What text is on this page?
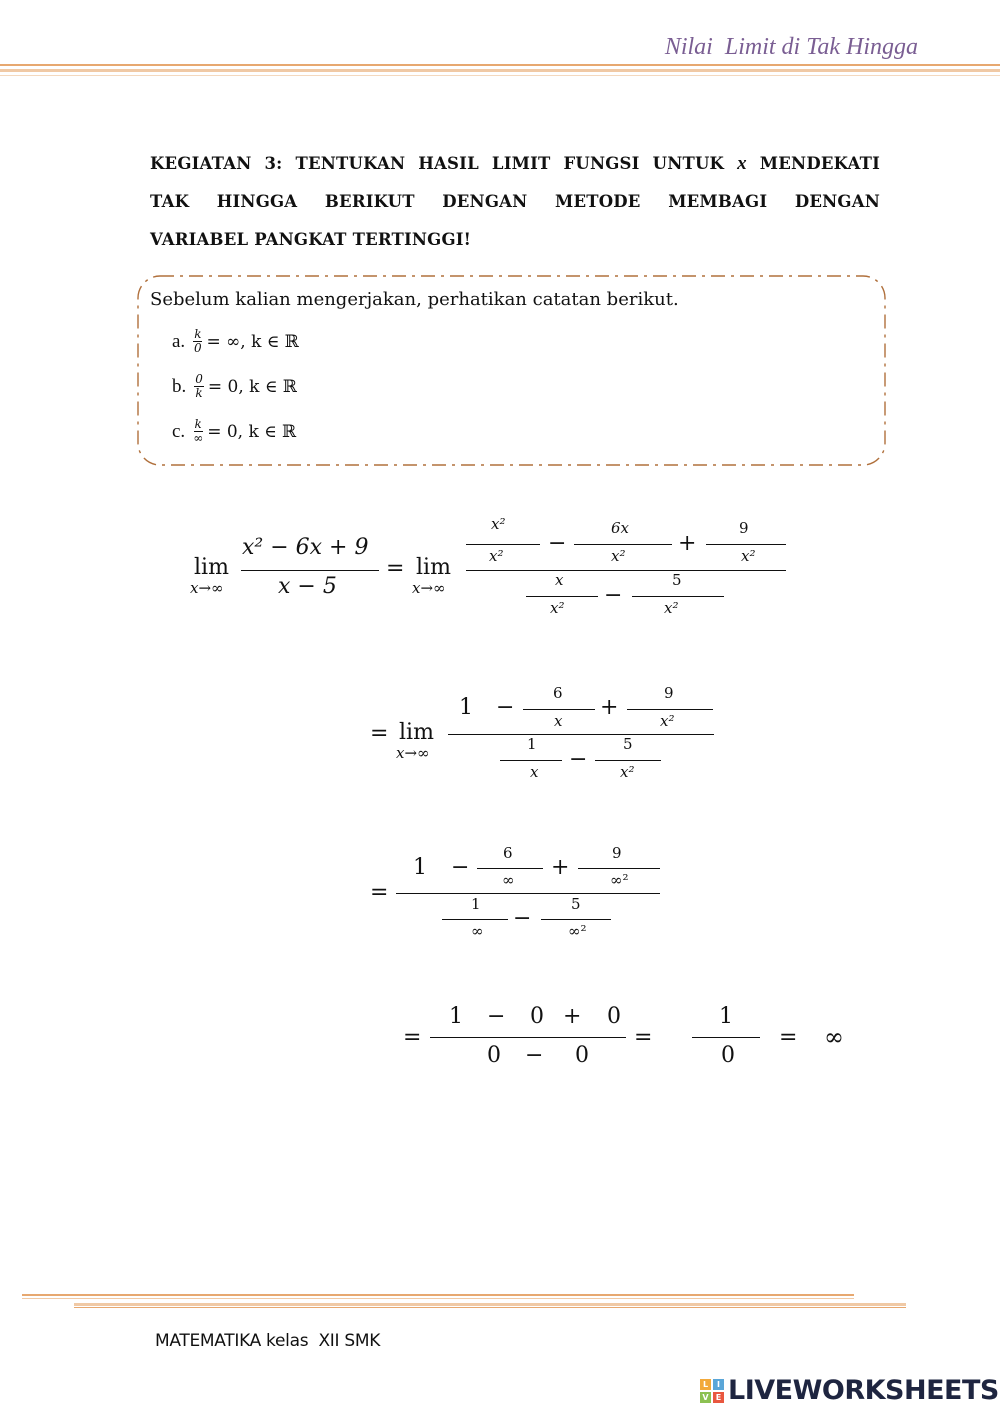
Nilai  Limit di Tak Hingga
KEGIATAN 3: TENTUKAN HASIL LIMIT FUNGSI UNTUK x MENDEKATI
TAK HINGGA BERIKUT DENGAN METODE MEMBAGI DENGAN
VARIABEL PANGKAT TERTINGGI!
Sebelum kalian mengerjakan, perhatikan catatan berikut.
a. $\frac{k}{0}$ = ∞, k ∈ ℝ
b. $\frac{0}{k} = 0$, k ∈ ℝ
c. $\frac{k}{\infty} = 0$, k ∈ ℝ
lim
x→∞
x² − 6x + 9
x − 5
= lim
x→∞
x²
x² −
6x
x² +
9
x²
x
x² −
5
x²
= lim
x→∞
1 −
6
x
+
9
x²
1
x −
5
x²
=
1 −
6
∞ +
9
∞²
1
∞ −
5
∞²
=
1 − 0 + 0
0 − 0
=
1
0
= ∞
MATEMATIKA kelas  XII SMK
L	I
V E LIVEWORKSHEETS
